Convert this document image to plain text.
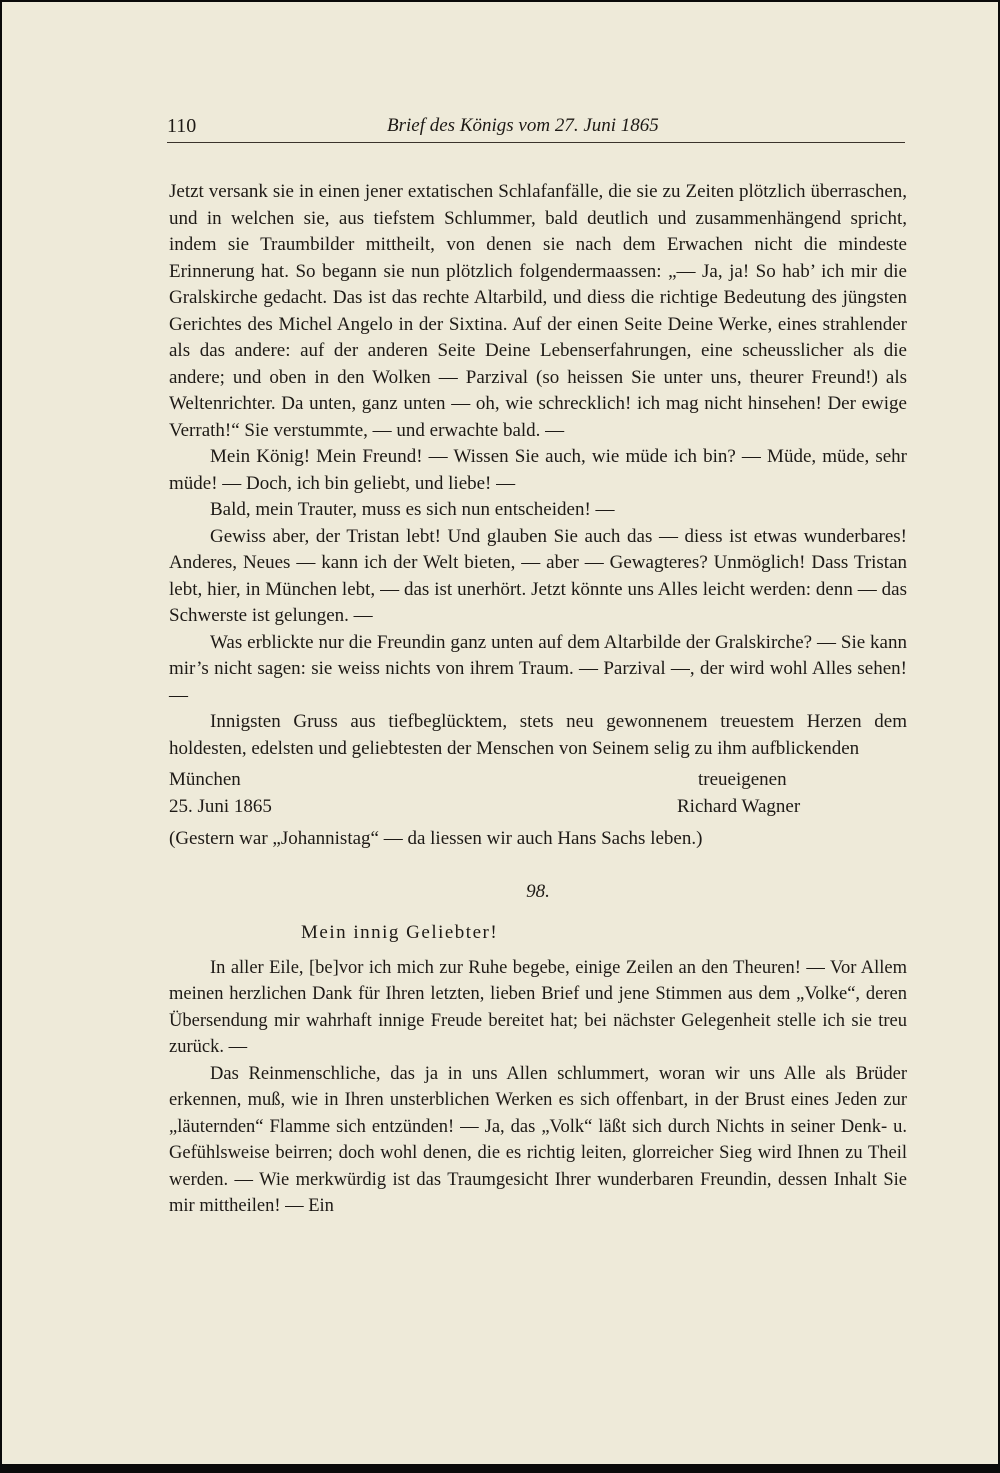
110	Brief des Königs vom 27. Juni 1865

Jetzt versank sie in einen jener extatischen Schlafanfälle, die sie zu Zeiten plötzlich überraschen, und in welchen sie, aus tiefstem Schlummer, bald deutlich und zusammenhängend spricht, indem sie Traumbilder mittheilt, von denen sie nach dem Erwachen nicht die mindeste Erinnerung hat. So begann sie nun plötzlich folgendermaassen: „— Ja, ja! So hab’ ich mir die Gralskirche gedacht. Das ist das rechte Altarbild, und diess die richtige Bedeutung des jüngsten Gerichtes des Michel Angelo in der Sixtina. Auf der einen Seite Deine Werke, eines strahlender als das andere: auf der anderen Seite Deine Lebenserfahrungen, eine scheusslicher als die andere; und oben in den Wolken — Parzival (so heissen Sie unter uns, theurer Freund!) als Weltenrichter. Da unten, ganz unten — oh, wie schrecklich! ich mag nicht hinsehen! Der ewige Verrath!“ Sie verstummte, — und erwachte bald. —

Mein König! Mein Freund! — Wissen Sie auch, wie müde ich bin? — Müde, müde, sehr müde! — Doch, ich bin geliebt, und liebe! —

Bald, mein Trauter, muss es sich nun entscheiden! —

Gewiss aber, der Tristan lebt! Und glauben Sie auch das — diess ist etwas wunderbares! Anderes, Neues — kann ich der Welt bieten, — aber — Gewagteres? Unmöglich! Dass Tristan lebt, hier, in München lebt, — das ist unerhört. Jetzt könnte uns Alles leicht werden: denn — das Schwerste ist gelungen. —

Was erblickte nur die Freundin ganz unten auf dem Altarbilde der Gralskirche? — Sie kann mir’s nicht sagen: sie weiss nichts von ihrem Traum. — Parzival —, der wird wohl Alles sehen! —

Innigsten Gruss aus tiefbeglücktem, stets neu gewonnenem treuestem Herzen dem holdesten, edelsten und geliebtesten der Menschen von Seinem selig zu ihm aufblickenden

München
25. Juni 1865
treueigenen
Richard Wagner

(Gestern war „Johannistag“ — da liessen wir auch Hans Sachs leben.)

98.

Mein innig Geliebter!

In aller Eile, [be]vor ich mich zur Ruhe begebe, einige Zeilen an den Theuren! — Vor Allem meinen herzlichen Dank für Ihren letzten, lieben Brief und jene Stimmen aus dem „Volke“, deren Übersendung mir wahrhaft innige Freude bereitet hat; bei nächster Gelegenheit stelle ich sie treu zurück. —

Das Reinmenschliche, das ja in uns Allen schlummert, woran wir uns Alle als Brüder erkennen, muß, wie in Ihren unsterblichen Werken es sich offenbart, in der Brust eines Jeden zur „läuternden“ Flamme sich entzünden! — Ja, das „Volk“ läßt sich durch Nichts in seiner Denk- u. Gefühlsweise beirren; doch wohl denen, die es richtig leiten, glorreicher Sieg wird Ihnen zu Theil werden. — Wie merkwürdig ist das Traumgesicht Ihrer wunderbaren Freundin, dessen Inhalt Sie mir mittheilen! — Ein
